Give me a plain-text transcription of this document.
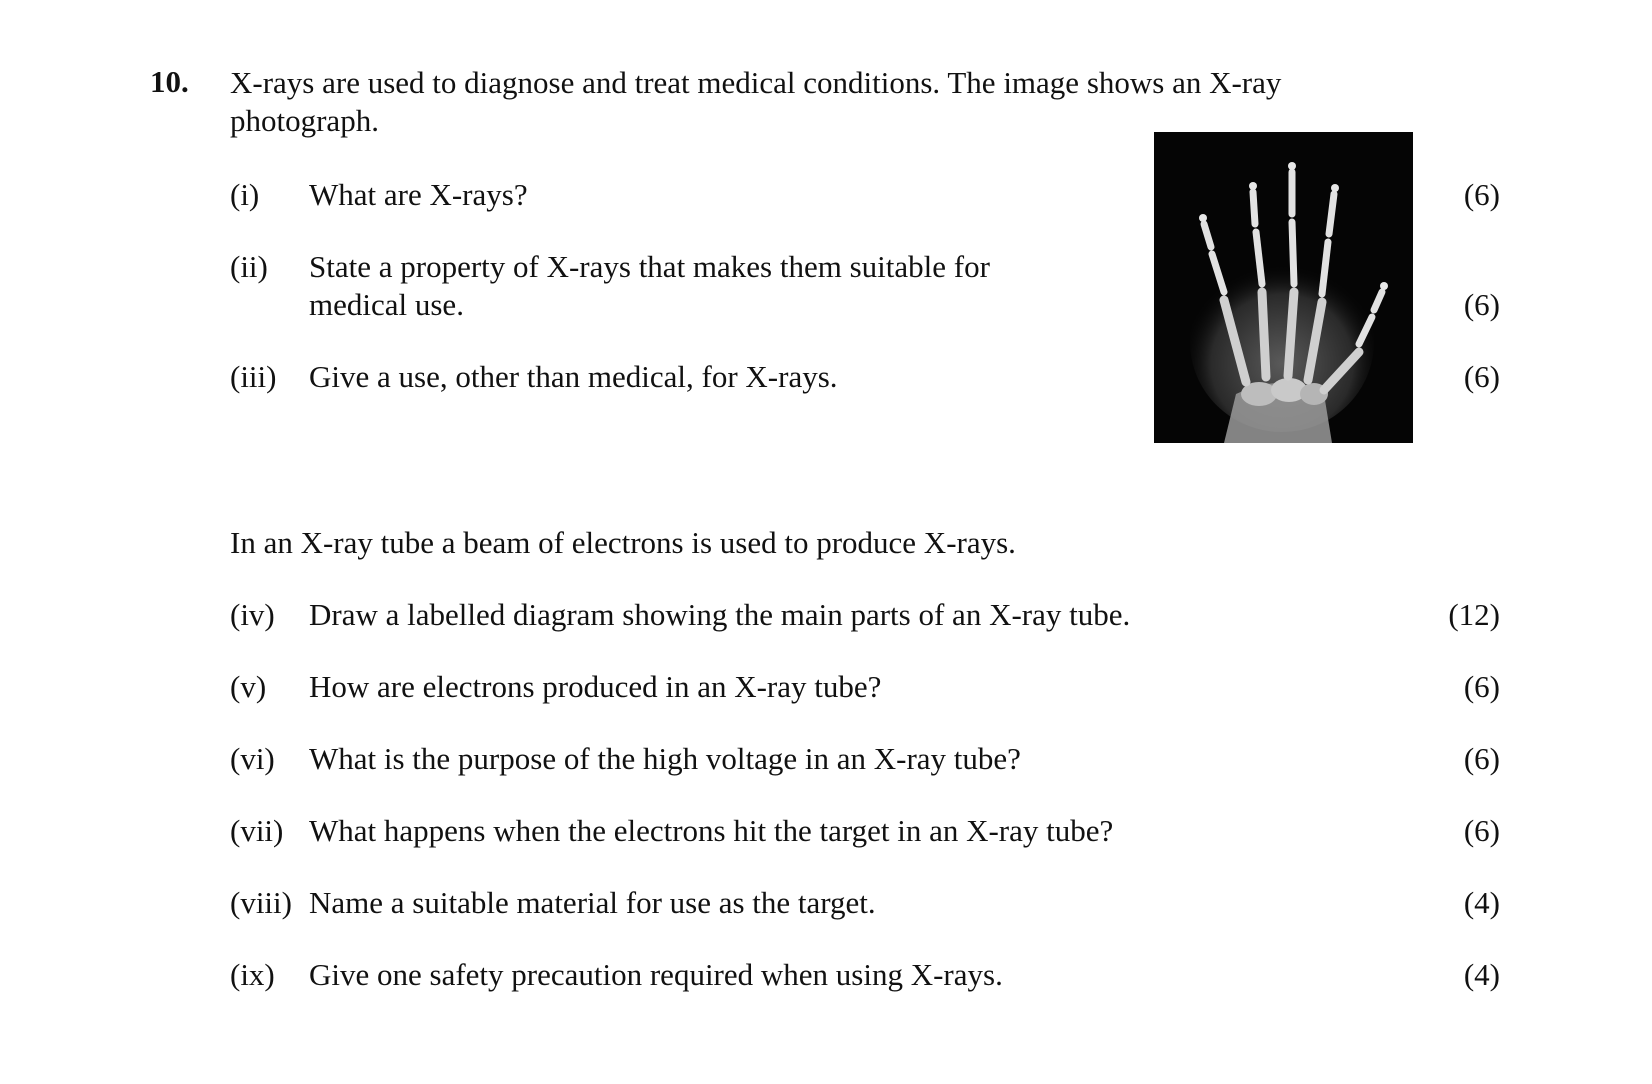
10. X-rays are used to diagnose and treat medical conditions. The image shows an X-ray photograph.
(i) What are X-rays?	(6)
(ii) State a property of X-rays that makes them suitable for medical use.	(6)
(iii) Give a use, other than medical, for X-rays.	(6)
In an X-ray tube a beam of electrons is used to produce X-rays.
(iv) Draw a labelled diagram showing the main parts of an X-ray tube.	(12)
(v) How are electrons produced in an X-ray tube?	(6)
(vi) What is the purpose of the high voltage in an X-ray tube?	(6)
(vii) What happens when the electrons hit the target in an X-ray tube?	(6)
(viii) Name a suitable material for use as the target.	(4)
(ix) Give one safety precaution required when using X-rays.	(4)
